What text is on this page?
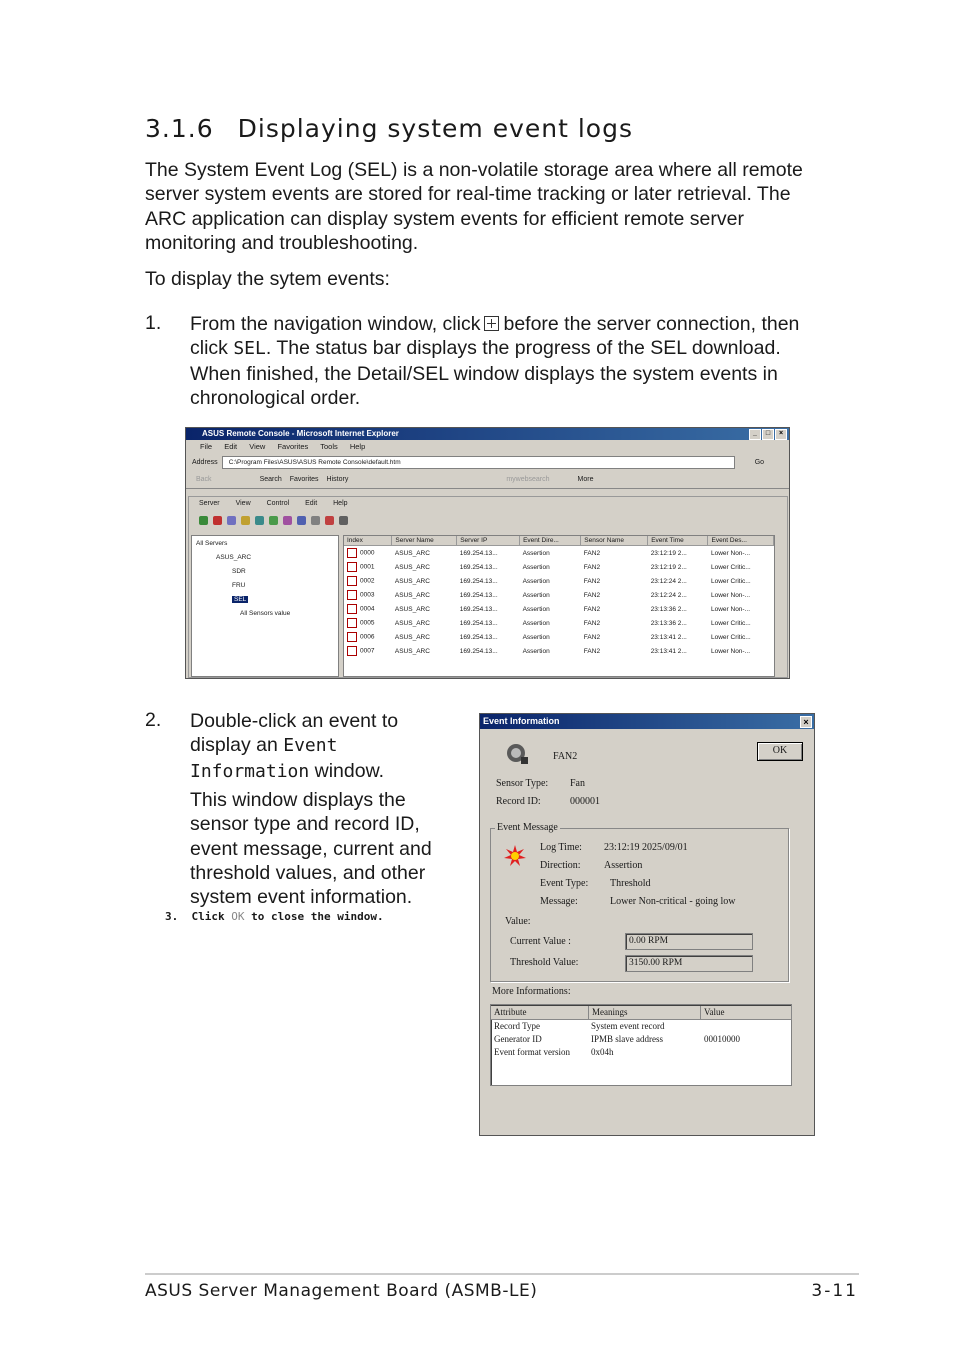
3.1.6 Displaying system event logs
The System Event Log (SEL) is a non-volatile storage area where all remote server system events are stored for real-time tracking or later retrieval. The ARC application can display system events for efficient remote server monitoring and troubleshooting.
To display the sytem events:
1. From the navigation window, click before the server connection, then click SEL. The status bar displays the progress of the SEL download. When finished, the Detail/SEL window displays the system events in chronological order.
ASUS Remote Console - Microsoft Internet Explorer	_	□	×
File Edit View Favorites Tools Help
Address	C:\Program Files\ASUS\ASUS Remote Console\default.htm	Go
Back	Search Favorites History	mywebsearch	More
Server View Control Edit Help
All Servers
ASUS_ARC
SDR
FRU
SEL
All Sensors value
Index	Server Name	Server IP	Event Dire...	Sensor Name	Event Time	Event Des...
0000	ASUS_ARC	169.254.13...	Assertion	FAN2	23:12:19 2...	Lower Non-...
0001	ASUS_ARC	169.254.13...	Assertion	FAN2	23:12:19 2...	Lower Critic...
0002	ASUS_ARC	169.254.13...	Assertion	FAN2	23:12:24 2...	Lower Critic...
0003	ASUS_ARC	169.254.13...	Assertion	FAN2	23:12:24 2...	Lower Non-...
0004	ASUS_ARC	169.254.13...	Assertion	FAN2	23:13:36 2...	Lower Non-...
0005	ASUS_ARC	169.254.13...	Assertion	FAN2	23:13:36 2...	Lower Critic...
0006	ASUS_ARC	169.254.13...	Assertion	FAN2	23:13:41 2...	Lower Critic...
0007	ASUS_ARC	169.254.13...	Assertion	FAN2	23:13:41 2...	Lower Non-...
2. Double-click an event to display an Event Information window.
This window displays the sensor type and record ID, event message, current and threshold values, and other system event information.
3. Click OK to close the window.
Event Information	×
FAN2
OK
Sensor Type: Fan
Record ID:	000001
Event Message
Log Time: 23:12:19 2025/09/01
Direction: Assertion
Event Type: Threshold
Message:	Lower Non-critical - going low
Value:
Current Value :	0.00 RPM
Threshold Value:	3150.00 RPM
More Informations:
Attribute	Meanings	Value
Record Type	System event record
Generator ID	IPMB slave address	00010000
Event format version 0x04h
ASUS Server Management Board (ASMB-LE)	3-11
